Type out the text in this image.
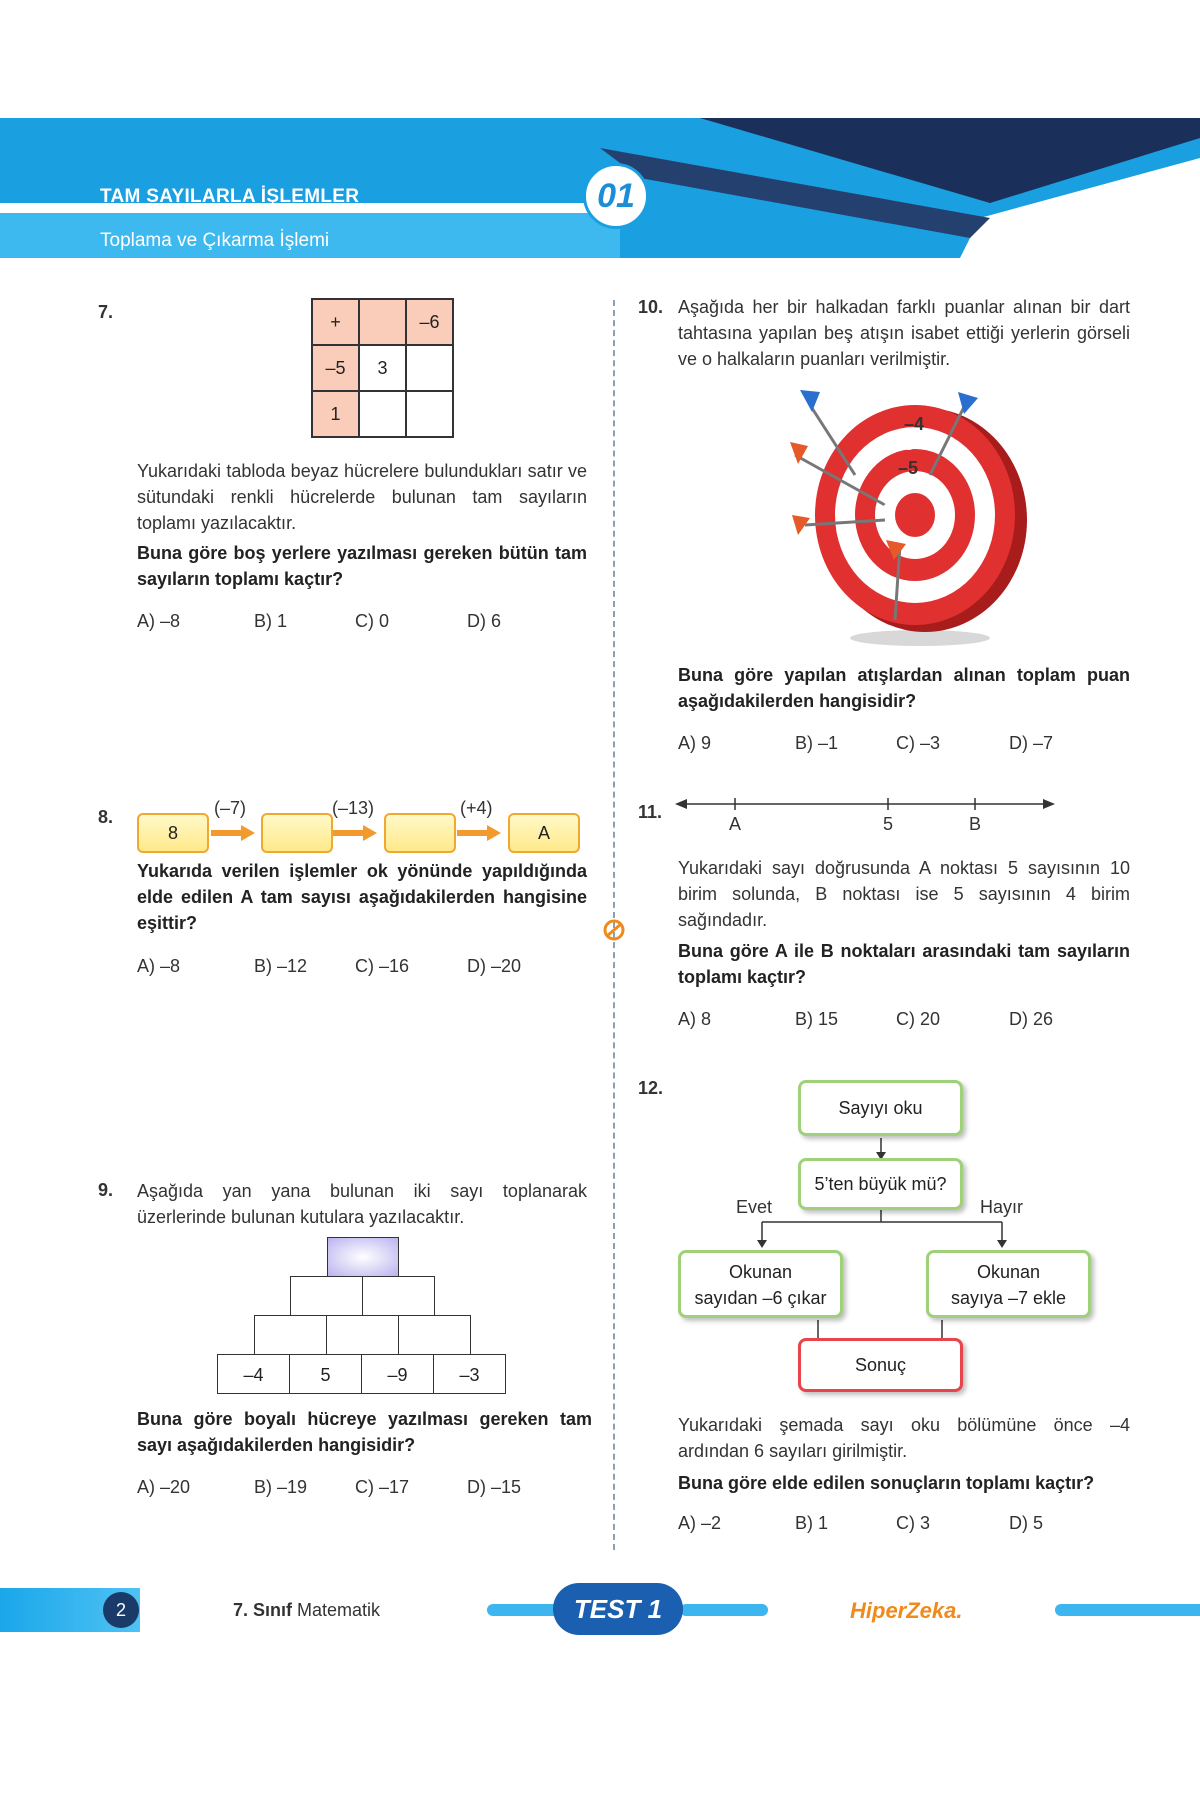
TAM SAYILARLA İŞLEMLER
Toplama ve Çıkarma İşlemi
01
7.	+		–6
–5	3	
1		
Yukarıdaki tabloda beyaz hücrelere bulundukları satır ve sütundaki renkli hücrelerde bulunan tam sayıların toplamı yazılacaktır.
Buna göre boş yerlere yazılması gereken bütün tam sayıların toplamı kaçtır?
A) –8	B) 1	C) 0	D) 6
8.
8	A
(–7)	(–13)	(+4)
Yukarıda verilen işlemler ok yönünde yapıldığında elde edilen A tam sayısı aşağıdakilerden hangisine eşittir?
A) –8	B) –12	C) –16	D) –20
9. Aşağıda yan yana bulunan iki sayı toplanarak üzerlerinde bulunan kutulara yazılacaktır.
–4	5	–9	–3
Buna göre boyalı hücreye yazılması gereken tam sayı aşağıdakilerden hangisidir?
A) –20	B) –19	C) –17	D) –15
10. Aşağıda her bir halkadan farklı puanlar alınan bir dart tahtasına yapılan beş atışın isabet ettiği yerlerin görseli ve o halkaların puanları verilmiştir.
–4
3
–5
8
Buna göre yapılan atışlardan alınan toplam puan aşağıdakilerden hangisidir?
A) 9	B) –1	C) –3	D) –7
11.
A	5	B
Yukarıdaki sayı doğrusunda A noktası 5 sayısının 10 birim solunda, B noktası ise 5 sayısının 4 birim sağındadır.
Buna göre A ile B noktaları arasındaki tam sayıların toplamı kaçtır?
A) 8	B) 15	C) 20	D) 26
12.
Sayıyı oku
5’ten büyük mü?
Evet	Hayır
Okunan
sayıdan –6 çıkar
Okunan
sayıya –7 ekle
Sonuç
Yukarıdaki şemada sayı oku bölümüne önce –4 ardından 6 sayıları girilmiştir.
Buna göre elde edilen sonuçların toplamı kaçtır?
A) –2	B) 1	C) 3	D) 5
2	7. Sınıf Matematik	TEST 1	HiperZeka.
